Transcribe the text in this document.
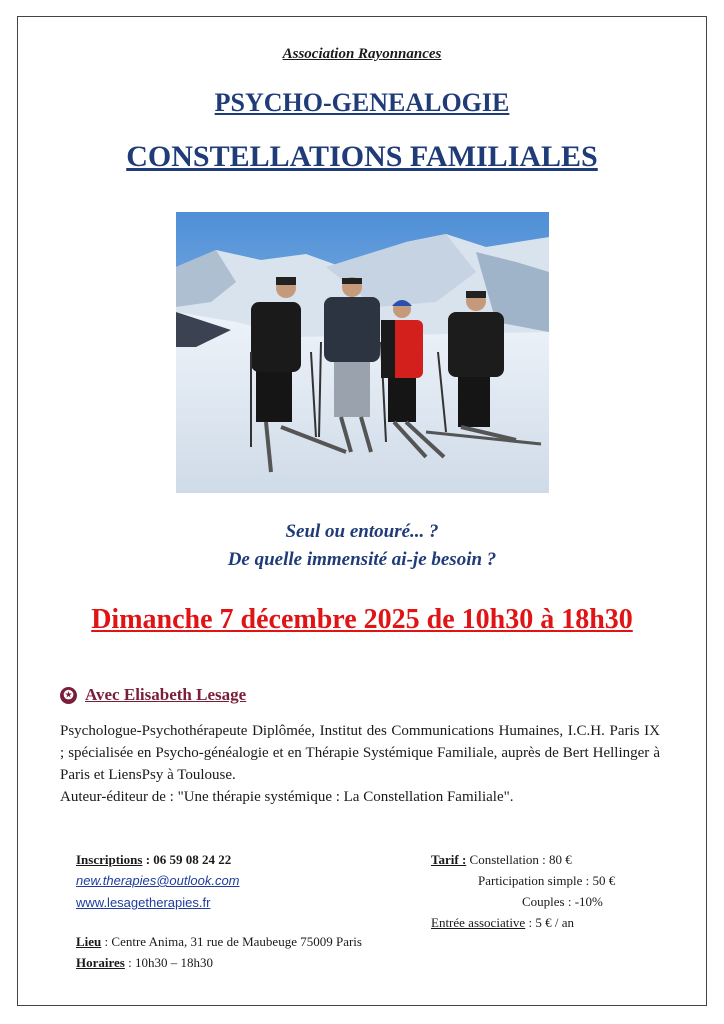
Association Rayonnances
PSYCHO-GENEALOGIE
CONSTELLATIONS FAMILIALES
Seul ou entouré... ?
De quelle immensité ai-je besoin ?
Dimanche 7 décembre 2025 de 10h30 à 18h30
✪ Avec Elisabeth Lesage

Psychologue-Psychothérapeute Diplômée, Institut des Communications Humaines, I.C.H. Paris IX ; spécialisée en Psycho-généalogie et en Thérapie Systémique Familiale, auprès de Bert Hellinger à Paris et LiensPsy à Toulouse.

Auteur-éditeur de : "Une thérapie systémique : La Constellation Familiale".

Inscriptions : 06 59 08 24 22
new.therapies@outlook.com
www.lesagetherapies.fr
Lieu : Centre Anima, 31 rue de Maubeuge 75009 Paris
Horaires : 10h30 – 18h30
Tarif : Constellation : 80 €
Participation simple : 50 €
Couples : -10%
Entrée associative : 5 € / an
